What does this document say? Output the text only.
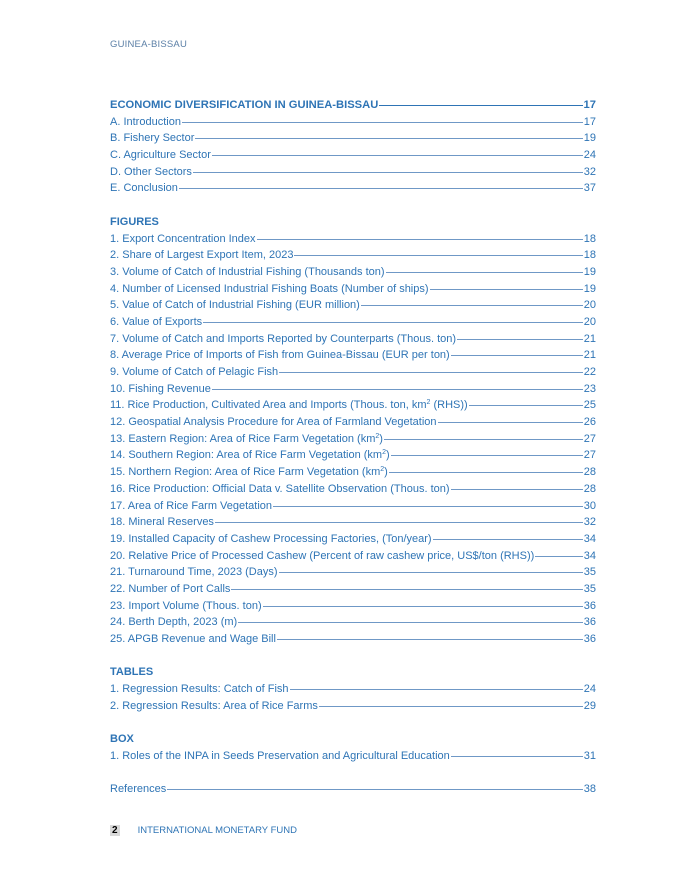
GUINEA-BISSAU
ECONOMIC DIVERSIFICATION IN GUINEA-BISSAU	17
A. Introduction	17
B. Fishery Sector	19
C. Agriculture Sector	24
D. Other Sectors	32
E. Conclusion	37
FIGURES
1. Export Concentration Index	18
2. Share of Largest Export Item, 2023	18
3. Volume of Catch of Industrial Fishing (Thousands ton)	19
4. Number of Licensed Industrial Fishing Boats (Number of ships)	19
5. Value of Catch of Industrial Fishing (EUR million)	20
6. Value of Exports	20
7. Volume of Catch and Imports Reported by Counterparts (Thous. ton)	21
8. Average Price of Imports of Fish from Guinea-Bissau (EUR per ton)	21
9. Volume of Catch of Pelagic Fish	22
10. Fishing Revenue	23
11. Rice Production, Cultivated Area and Imports (Thous. ton, $km^2$ (RHS))	25
12. Geospatial Analysis Procedure for Area of Farmland Vegetation	26
13. Eastern Region: Area of Rice Farm Vegetation $(km^2)$	27
14. Southern Region: Area of Rice Farm Vegetation $(km^2)$	27
15. Northern Region: Area of Rice Farm Vegetation $(km^2)$	28
16. Rice Production: Official Data v. Satellite Observation (Thous. ton)	28
17. Area of Rice Farm Vegetation	30
18. Mineral Reserves	32
19. Installed Capacity of Cashew Processing Factories, (Ton/year)	34
20. Relative Price of Processed Cashew (Percent of raw cashew price, US$/ton (RHS))	34
21. Turnaround Time, 2023 (Days)	35
22. Number of Port Calls	35
23. Import Volume (Thous. ton)	36
24. Berth Depth, 2023 (m)	36
25. APGB Revenue and Wage Bill	36
TABLES
1. Regression Results: Catch of Fish	24
2. Regression Results: Area of Rice Farms	29
BOX
1. Roles of the INPA in Seeds Preservation and Agricultural Education	31
References	38
2 INTERNATIONAL MONETARY FUND
